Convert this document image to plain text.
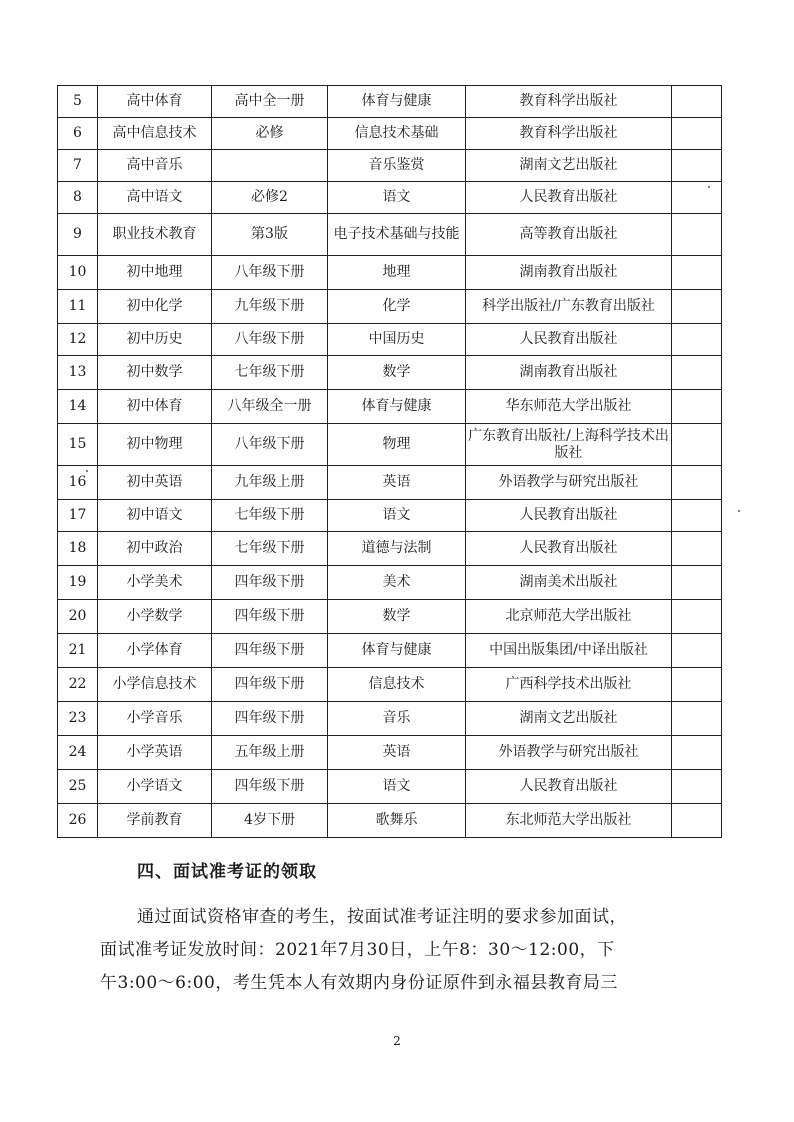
5	高中体育	高中全一册	体育与健康	教育科学出版社	
6	高中信息技术	必修	信息技术基础	教育科学出版社	
7	高中音乐		音乐鉴赏	湖南文艺出版社	
8	高中语文	必修2	语文	人民教育出版社	
9	职业技术教育	第3版	电子技术基础与技能	高等教育出版社	
10	初中地理	八年级下册	地理	湖南教育出版社	
11	初中化学	九年级下册	化学	科学出版社/广东教育出版社	
12	初中历史	八年级下册	中国历史	人民教育出版社	
13	初中数学	七年级下册	数学	湖南教育出版社	
14	初中体育	八年级全一册	体育与健康	华东师范大学出版社	
15	初中物理	八年级下册	物理	广东教育出版社/上海科学技术出版社	
16	初中英语	九年级上册	英语	外语教学与研究出版社	
17	初中语文	七年级下册	语文	人民教育出版社	
18	初中政治	七年级下册	道德与法制	人民教育出版社	
19	小学美术	四年级下册	美术	湖南美术出版社	
20	小学数学	四年级下册	数学	北京师范大学出版社	
21	小学体育	四年级下册	体育与健康	中国出版集团/中译出版社	
22	小学信息技术	四年级下册	信息技术	广西科学技术出版社	
23	小学音乐	四年级下册	音乐	湖南文艺出版社	
24	小学英语	五年级上册	英语	外语教学与研究出版社	
25	小学语文	四年级下册	语文	人民教育出版社	
26	学前教育	4岁下册	歌舞乐	东北师范大学出版社	
四、面试准考证的领取
通过面试资格审查的考生，按面试准考证注明的要求参加面试，
面试准考证发放时间：2021年7月30日，上午8：30～12:00，下
午3:00～6:00，考生凭本人有效期内身份证原件到永福县教育局三
2
